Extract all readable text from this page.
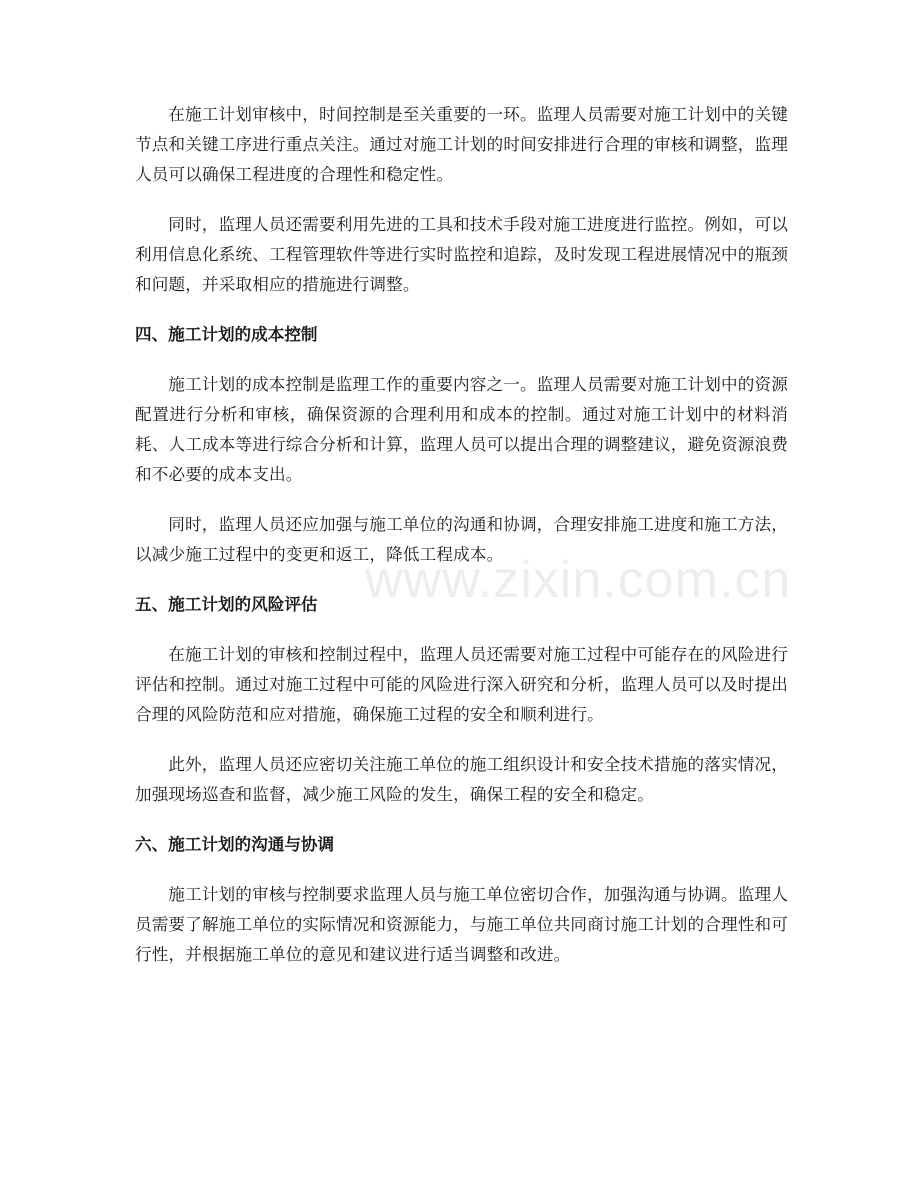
在施工计划审核中，时间控制是至关重要的一环。监理人员需要对施工计划中的关键节点和关键工序进行重点关注。通过对施工计划的时间安排进行合理的审核和调整，监理人员可以确保工程进度的合理性和稳定性。

同时，监理人员还需要利用先进的工具和技术手段对施工进度进行监控。例如，可以利用信息化系统、工程管理软件等进行实时监控和追踪，及时发现工程进展情况中的瓶颈和问题，并采取相应的措施进行调整。

四、施工计划的成本控制

施工计划的成本控制是监理工作的重要内容之一。监理人员需要对施工计划中的资源配置进行分析和审核，确保资源的合理利用和成本的控制。通过对施工计划中的材料消耗、人工成本等进行综合分析和计算，监理人员可以提出合理的调整建议，避免资源浪费和不必要的成本支出。

同时，监理人员还应加强与施工单位的沟通和协调，合理安排施工进度和施工方法，以减少施工过程中的变更和返工，降低工程成本。

五、施工计划的风险评估

在施工计划的审核和控制过程中，监理人员还需要对施工过程中可能存在的风险进行评估和控制。通过对施工过程中可能的风险进行深入研究和分析，监理人员可以及时提出合理的风险防范和应对措施，确保施工过程的安全和顺利进行。

此外，监理人员还应密切关注施工单位的施工组织设计和安全技术措施的落实情况，加强现场巡查和监督，减少施工风险的发生，确保工程的安全和稳定。

六、施工计划的沟通与协调

施工计划的审核与控制要求监理人员与施工单位密切合作，加强沟通与协调。监理人员需要了解施工单位的实际情况和资源能力，与施工单位共同商讨施工计划的合理性和可行性，并根据施工单位的意见和建议进行适当调整和改进。

www.zixin.com.cn
